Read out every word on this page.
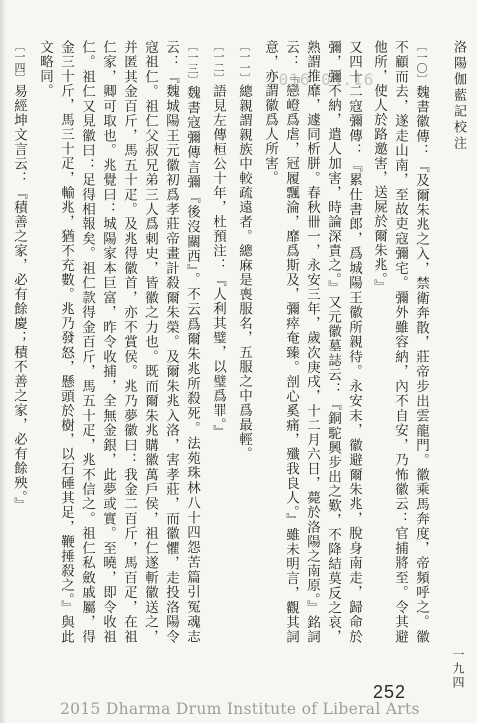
洛陽伽藍記校注
2016.04.16	〔一〇〕魏書徽傳：『及爾朱兆之入，禁衛奔散，莊帝步出雲龍門。徽乘馬奔度，帝頻呼之。徽不顧而去，遂走山南，至故吏寇彌宅。彌外雖容納，內不自安，乃怖徽云：官捕將至。令其避他所，使人於路邀害，送屍於爾朱兆。』
又四十二寇彌傳：『累仕書郎，爲城陽王徽所親待。永安末，徽避爾朱兆，脫身南走，歸命於彌，彌不納，遣人加害，時論深責之。』又元徽墓誌云：『銅駝興步出之歎，不降結莫反之哀，熟謂推靡，遽同析胼。春秋卌一，永安三年，歲次庚戌，十二月六日，薨於洛陽之南原。』銘詞云：『戀嶝爲虐，冠履飄淪，靡爲斯及，彌瘁奄臻。剖心奚痛，殲我良人。』雖未明言，觀其詞意，亦謂徽爲人所害。
〔一一〕總親謂親族中較疏遠者。總麻是喪服名，五服之中爲最輕。
〔一二〕語見左傳桓公十年，杜預注：『人利其璧，以璧爲罪。』
〔一三〕魏書寇彌傳言彌『後沒關西』。不云爲爾朱兆所殺死。法苑珠林八十四怨苦篇引冤魂志云：『魏城陽王元徽初爲孝莊帝畫計殺爾朱榮。及爾朱兆入洛，害孝莊，而徽懼，走投洛陽令寇祖仁。祖仁父叔兄弟三人爲刺史，皆徽之力也。既而爾朱兆購徽萬戶侯，祖仁遂斬徽送之，并匿其金百斤，馬五十疋。及兆得徽首，亦不賞侯。兆乃夢徽曰：我金二百斤，馬百疋，在祖仁家，卿可取也。兆覺曰：城陽家本巨富，昨令收捕，全無金銀，此夢或實。至曉，即令收祖仁。祖仁又見徽曰：足得相報矣。祖仁款得金百斤，馬五十疋，兆不信之。祖仁私斂戚屬，得金三十斤，馬三十疋，輸兆，猶不充數。兆乃發怒，懸頭於樹，以石硾其足，鞭捶殺之。』與此文略同。
〔一四〕易經坤文言云：『積善之家，必有餘慶；積不善之家，必有餘殃。』
一九四
252
2015 Dharma Drum Institute of Liberal Arts
